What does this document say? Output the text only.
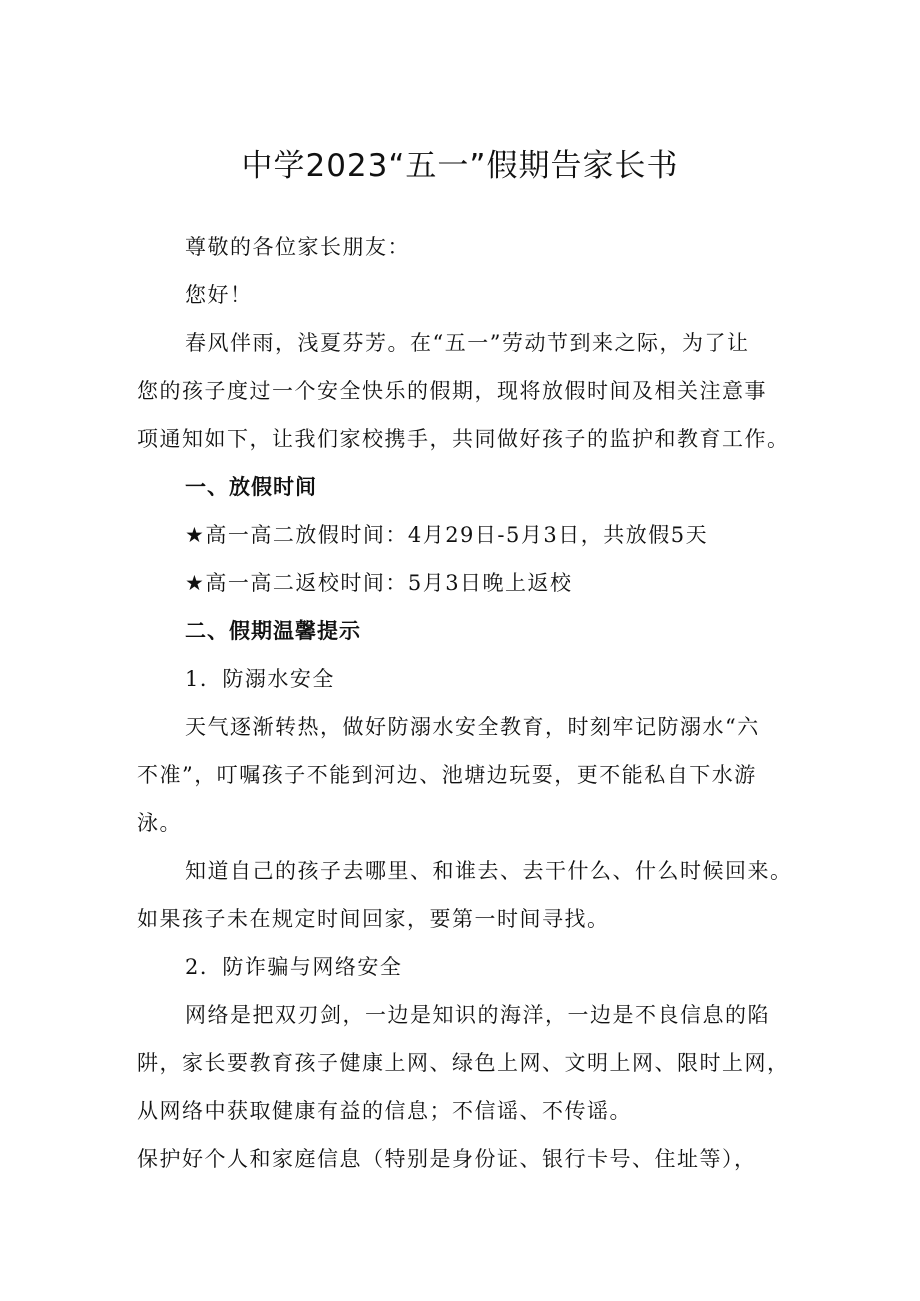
中学2023“五一”假期告家长书
尊敬的各位家长朋友：
您好！
春风伴雨，浅夏芬芳。在“五一”劳动节到来之际，为了让
您的孩子度过一个安全快乐的假期，现将放假时间及相关注意事
项通知如下，让我们家校携手，共同做好孩子的监护和教育工作。
一、放假时间
★高一高二放假时间：4月29日-5月3日，共放假5天
★高一高二返校时间：5月3日晚上返校
二、假期温馨提示
1．防溺水安全
天气逐渐转热，做好防溺水安全教育，时刻牢记防溺水“六
不准”，叮嘱孩子不能到河边、池塘边玩耍，更不能私自下水游
泳。
知道自己的孩子去哪里、和谁去、去干什么、什么时候回来。
如果孩子未在规定时间回家，要第一时间寻找。
2．防诈骗与网络安全
网络是把双刃剑，一边是知识的海洋，一边是不良信息的陷
阱，家长要教育孩子健康上网、绿色上网、文明上网、限时上网，
从网络中获取健康有益的信息；不信谣、不传谣。
保护好个人和家庭信息（特别是身份证、银行卡号、住址等），
